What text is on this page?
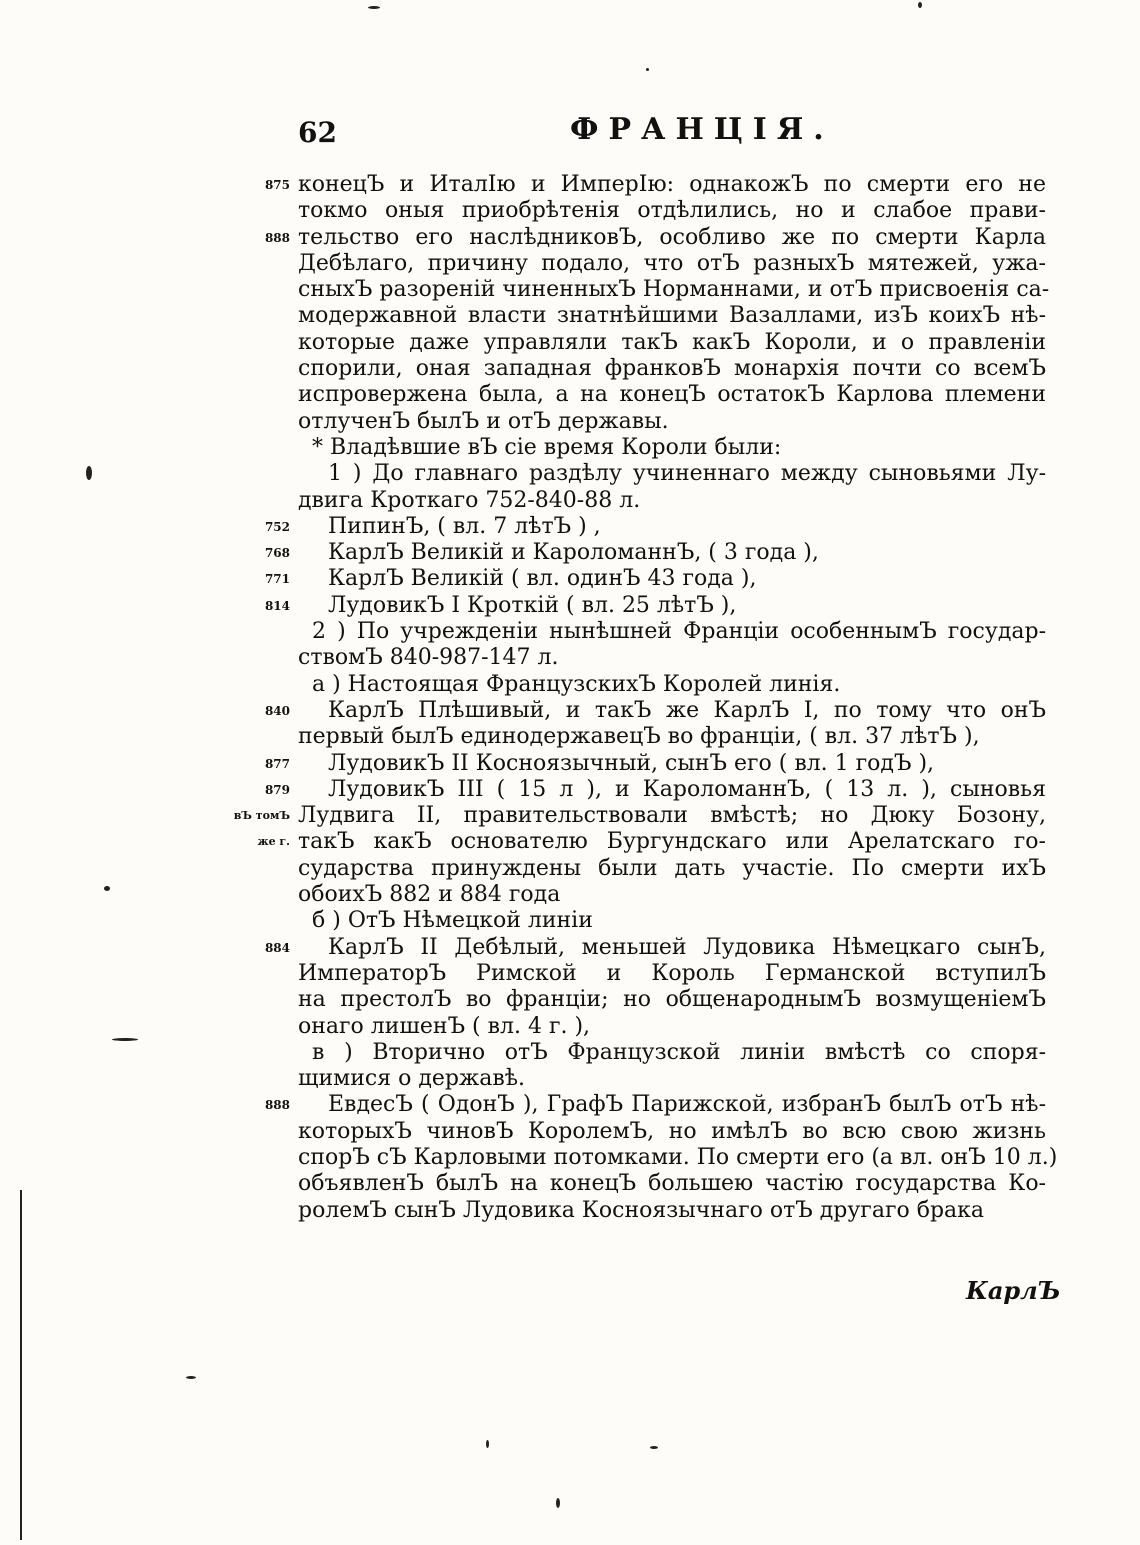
62	ФРАНЦІЯ.
875 конецЪ и ИталІю и ИмперІю: однакожЪ по смерти его не
токмо оныя приобрѣтенія отдѣлились, но и слабое прави-
888 тельство его наслѣдниковЪ, особливо же по смерти Карла
Дебѣлаго, причину подало, что отЪ разныхЪ мятежей, ужа-
сныхЪ разореній чиненныхЪ Норманнами, и отЪ присвоенія са-
модержавной власти знатнѣйшими Вазаллами, изЪ коихЪ нѣ-
которые даже управляли такЪ какЪ Короли, и о правленіи
спорили, оная западная франковЪ монархія почти со всемЪ
испровержена была, а на конецЪ остатокЪ Карлова племени
отлученЪ былЪ и отЪ державы.
* Владѣвшие вЪ сіе время Короли были:
1 ) До главнаго раздѣлу учиненнаго между сыновьями Лу-
двига Кроткаго 752-840-88 л.
752 ПипинЪ, ( вл. 7 лѣтЪ ) ,
768 КарлЪ Великій и КароломаннЪ, ( 3 года ),
771 КарлЪ Великій ( вл. одинЪ 43 года ),
814 ЛудовикЪ I Кроткій ( вл. 25 лѣтЪ ),
2 ) По учрежденіи нынѣшней Франціи особеннымЪ государ-
ствомЪ 840-987-147 л.
а ) Настоящая ФранцузскихЪ Королей линія.
840 КарлЪ Плѣшивый, и такЪ же КарлЪ I, по тому что онЪ
первый былЪ единодержавецЪ во франціи, ( вл. 37 лѣтЪ ),
877 ЛудовикЪ II Косноязычный, сынЪ его ( вл. 1 годЪ ),
879 ЛудовикЪ III ( 15 л ), и КароломаннЪ, ( 13 л. ), сыновья
вЪ томЪ Лудвига II, правительствовали вмѣстѣ; но Дюку Бозону,
же г. такЪ какЪ основателю Бургундскаго или Арелатскаго го-
сударства принуждены были дать участіе. По смерти ихЪ
обоихЪ 882 и 884 года
б ) ОтЪ Нѣмецкой линіи
884 КарлЪ II Дебѣлый, меньшей Лудовика Нѣмецкаго сынЪ,
ИмператорЪ Римской и Король Германской вступилЪ
на престолЪ во франціи; но общенароднымЪ возмущеніемЪ
онаго лишенЪ ( вл. 4 г. ),
в ) Вторично отЪ Французской линіи вмѣстѣ со споря-
щимися о державѣ.
888 ЕвдесЪ ( ОдонЪ ), ГрафЪ Парижской, избранЪ былЪ отЪ нѣ-
которыхЪ чиновЪ КоролемЪ, но имѣлЪ во всю свою жизнь
спорЪ сЪ Карловыми потомками. По смерти его (а вл. онЪ 10 л.)
объявленЪ былЪ на конецЪ большею частію государства Ко-
ролемЪ сынЪ Лудовика Косноязычнаго отЪ другаго брака
КарлЪ
